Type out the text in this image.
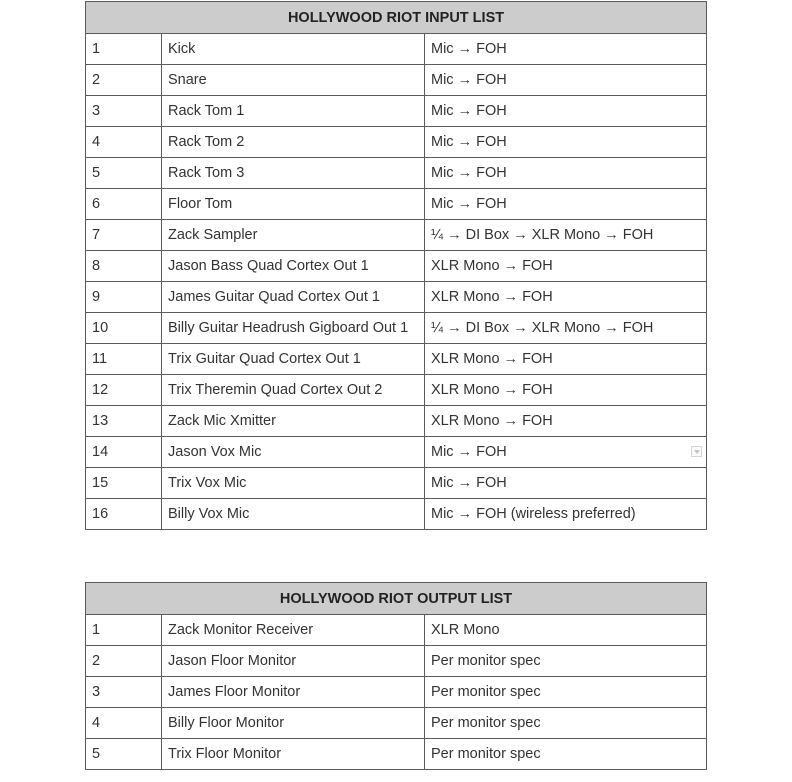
HOLLYWOOD RIOT INPUT LIST		
1	Kick	Mic → FOH
2	Snare	Mic → FOH
3	Rack Tom 1	Mic → FOH
4	Rack Tom 2	Mic → FOH
5	Rack Tom 3	Mic → FOH
6	Floor Tom	Mic → FOH
7	Zack Sampler	¼ → DI Box → XLR Mono → FOH
8	Jason Bass Quad Cortex Out 1	XLR Mono → FOH
9	James Guitar Quad Cortex Out 1	XLR Mono → FOH
10	Billy Guitar Headrush Gigboard Out 1	¼ → DI Box → XLR Mono → FOH
11	Trix Guitar Quad Cortex Out 1	XLR Mono → FOH
12	Trix Theremin Quad Cortex Out 2	XLR Mono → FOH
13	Zack Mic Xmitter	XLR Mono → FOH
14	Jason Vox Mic	Mic → FOH

15	Trix Vox Mic	Mic → FOH
16	Billy Vox Mic	Mic → FOH (wireless preferred)
HOLLYWOOD RIOT OUTPUT LIST		
1	Zack Monitor Receiver	XLR Mono
2	Jason Floor Monitor	Per monitor spec
3	James Floor Monitor	Per monitor spec
4	Billy Floor Monitor	Per monitor spec
5	Trix Floor Monitor	Per monitor spec
